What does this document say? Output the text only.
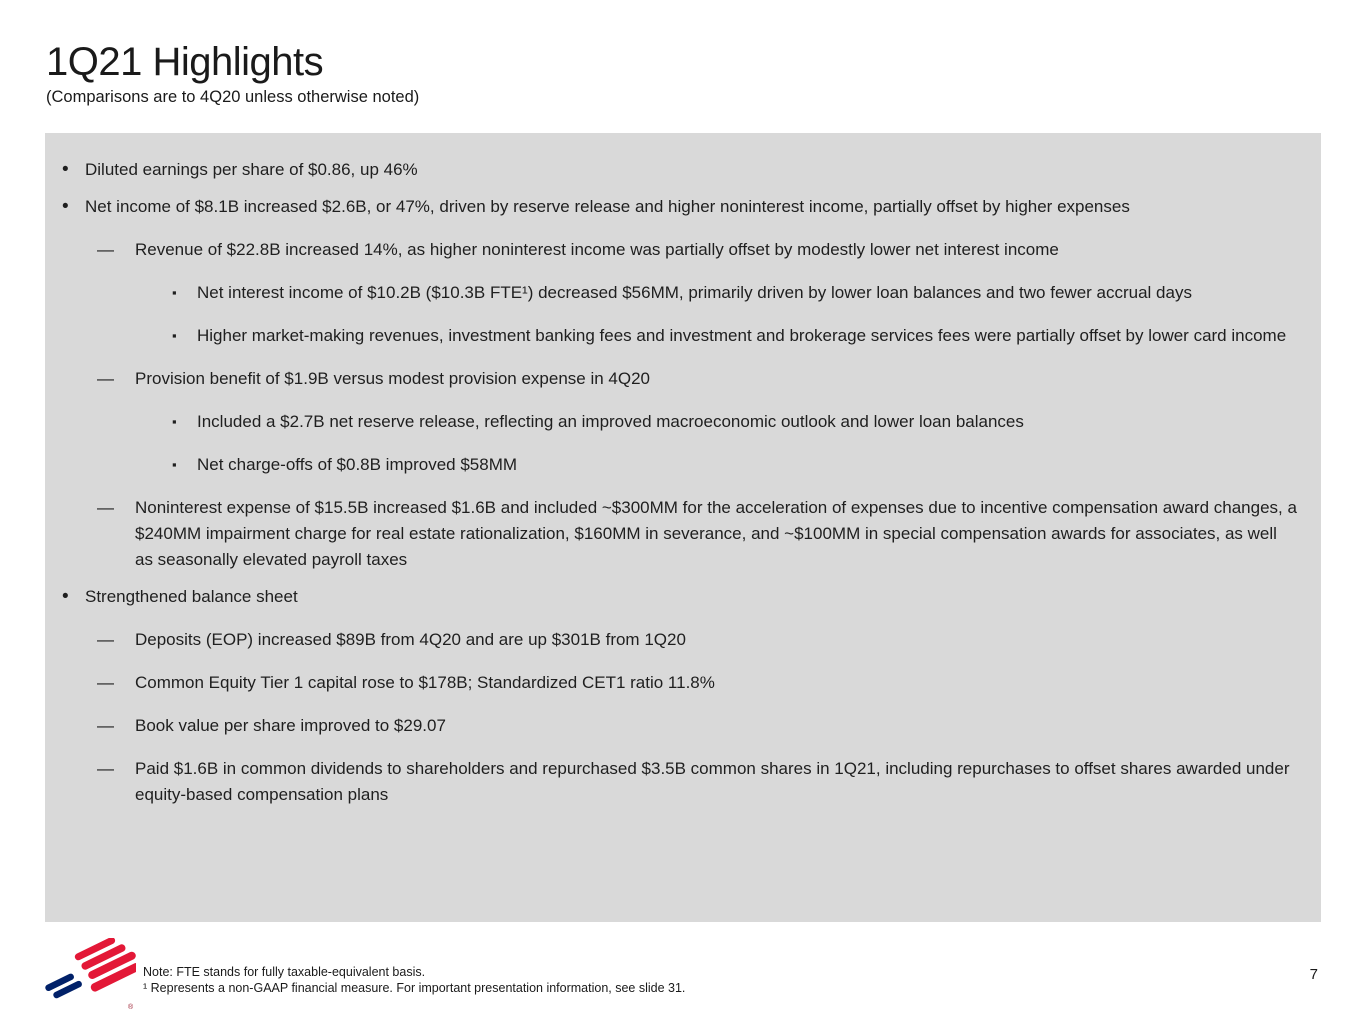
1Q21 Highlights
(Comparisons are to 4Q20 unless otherwise noted)
• Diluted earnings per share of $0.86, up 46%
• Net income of $8.1B increased $2.6B, or 47%, driven by reserve release and higher noninterest income, partially offset by higher expenses
—	Revenue of $22.8B increased 14%, as higher noninterest income was partially offset by modestly lower net interest income
▪	Net interest income of $10.2B ($10.3B FTE¹) decreased $56MM, primarily driven by lower loan balances and two fewer accrual days
▪	Higher market-making revenues, investment banking fees and investment and brokerage services fees were partially offset by lower card income
—	Provision benefit of $1.9B versus modest provision expense in 4Q20
▪	Included a $2.7B net reserve release, reflecting an improved macroeconomic outlook and lower loan balances
▪	Net charge-offs of $0.8B improved $58MM
—	Noninterest expense of $15.5B increased $1.6B and included ~$300MM for the acceleration of expenses due to incentive compensation award changes, a $240MM impairment charge for real estate rationalization, $160MM in severance, and ~$100MM in special compensation awards for associates, as well as seasonally elevated payroll taxes
• Strengthened balance sheet
—	Deposits (EOP) increased $89B from 4Q20 and are up $301B from 1Q20
—	Common Equity Tier 1 capital rose to $178B; Standardized CET1 ratio 11.8%
—	Book value per share improved to $29.07
—	Paid $1.6B in common dividends to shareholders and repurchased $3.5B common shares in 1Q21, including repurchases to offset shares awarded under equity-based compensation plans
®
Note: FTE stands for fully taxable-equivalent basis.
¹ Represents a non-GAAP financial measure. For important presentation information, see slide 31.
7
